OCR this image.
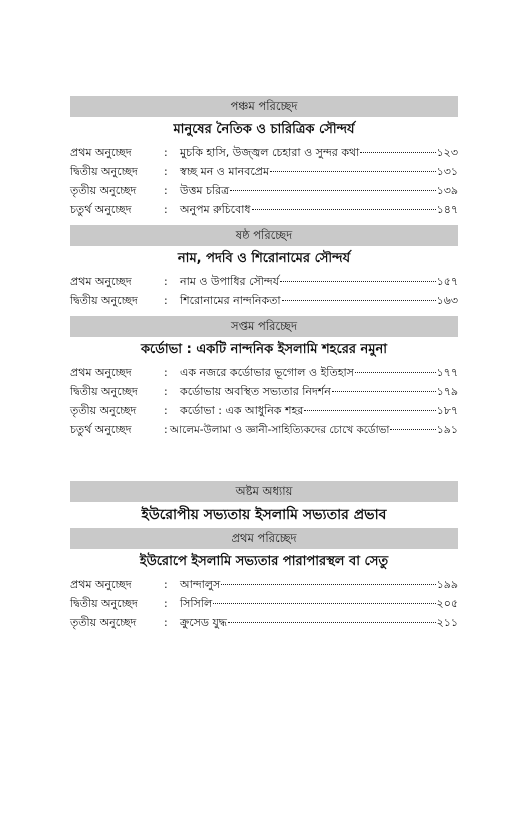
পঞ্চম পরিচ্ছেদ
মানুষের নৈতিক ও চারিত্রিক সৌন্দর্য
প্রথম অনুচ্ছেদ	:	মুচকি হাসি, উজ্জ্বল চেহারা ও সুন্দর কথা	১২৩
দ্বিতীয় অনুচ্ছেদ	:	স্বচ্ছ মন ও মানবপ্রেম	১৩১
তৃতীয় অনুচ্ছেদ	:	উত্তম চরিত্র	১৩৯
চতুর্থ অনুচ্ছেদ	:	অনুপম রুচিবোধ	১৪৭
ষষ্ঠ পরিচ্ছেদ
নাম, পদবি ও শিরোনামের সৌন্দর্য
প্রথম অনুচ্ছেদ	:	নাম ও উপাধির সৌন্দর্য	১৫৭
দ্বিতীয় অনুচ্ছেদ	:	শিরোনামের নান্দনিকতা	১৬৩
সপ্তম পরিচ্ছেদ
কর্ডোভা : একটি নান্দনিক ইসলামি শহরের নমুনা
প্রথম অনুচ্ছেদ	:	এক নজরে কর্ডোভার ভূগোল ও ইতিহাস	১৭৭
দ্বিতীয় অনুচ্ছেদ	:	কর্ডোভায় অবস্থিত সভ্যতার নিদর্শন	১৭৯
তৃতীয় অনুচ্ছেদ	:	কর্ডোভা : এক আধুনিক শহর	১৮৭
চতুর্থ অনুচ্ছেদ	: আলেম-উলামা ও জ্ঞানী-সাহিত্যিকদের চোখে কর্ডোভা	১৯১
অষ্টম অধ্যায়
ইউরোপীয় সভ্যতায় ইসলামি সভ্যতার প্রভাব
প্রথম পরিচ্ছেদ
ইউরোপে ইসলামি সভ্যতার পারাপারস্থল বা সেতু
প্রথম অনুচ্ছেদ	:	আন্দালুস	১৯৯
দ্বিতীয় অনুচ্ছেদ	:	সিসিলি	২০৫
তৃতীয় অনুচ্ছেদ	:	ক্রুসেড যুদ্ধ	২১১
